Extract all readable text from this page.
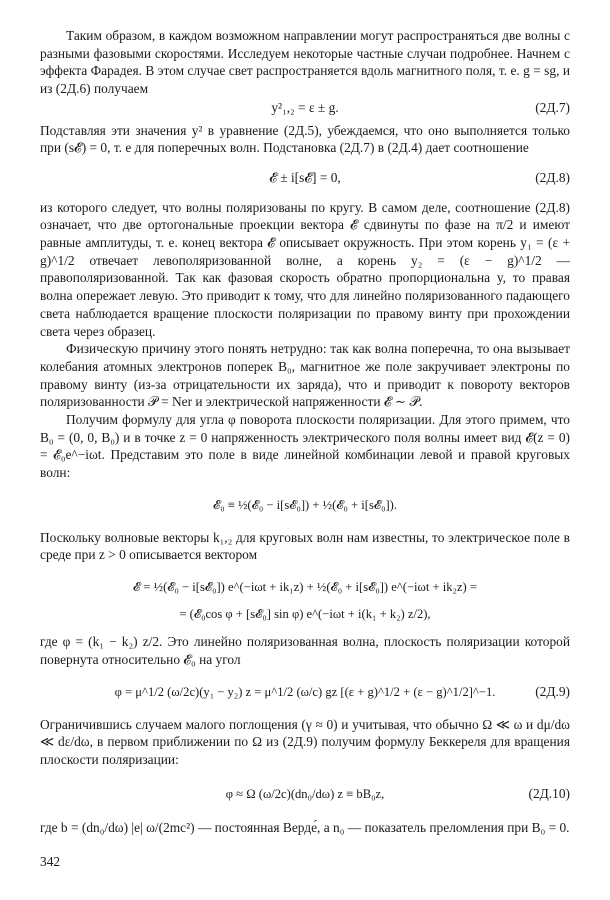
Таким образом, в каждом возможном направлении могут распространяться две волны с разными фазовыми скоростями. Исследуем некоторые частные случаи подробнее. Начнем с эффекта Фарадея. В этом случае свет распространяется вдоль магнитного поля, т. е. g = sg, и из (2Д.6) получаем

y²₁,₂ = ε ± g.	(2Д.7)

Подставляя эти значения y² в уравнение (2Д.5), убеждаемся, что оно выполняется только при (s𝓔) = 0, т. е для поперечных волн. Подстановка (2Д.7) в (2Д.4) дает соотношение

𝓔 ± i[s𝓔] = 0,	(2Д.8)

из которого следует, что волны поляризованы по кругу. В самом деле, соотношение (2Д.8) означает, что две ортогональные проекции вектора 𝓔 сдвинуты по фазе на π/2 и имеют равные амплитуды, т. е. конец вектора 𝓔 описывает окружность. При этом корень y₁ = (ε + g)^1/2 отвечает левополяризованной волне, а корень y₂ = (ε − g)^1/2 — правополяризованной. Так как фазовая скорость обратно пропорциональна y, то правая волна опережает левую. Это приводит к тому, что для линейно поляризованного падающего света наблюдается вращение плоскости поляризации по правому винту при прохождении света через образец.

Физическую причину этого понять нетрудно: так как волна поперечна, то она вызывает колебания атомных электронов поперек B₀, магнитное же поле закручивает электроны по правому винту (из-за отрицательности их заряда), что и приводит к повороту векторов поляризованности 𝒫 = Ner и электрической напряженности 𝓔 ∼ 𝒫.

Получим формулу для угла φ поворота плоскости поляризации. Для этого примем, что B₀ = (0, 0, B₀) и в точке z = 0 напряженность электрического поля волны имеет вид 𝓔(z = 0) = 𝓔₀e^−iωt. Представим это поле в виде линейной комбинации левой и правой круговых волн:

𝓔₀ ≡ ½(𝓔₀ − i[s𝓔₀]) + ½(𝓔₀ + i[s𝓔₀]).

Поскольку волновые векторы k₁,₂ для круговых волн нам известны, то электрическое поле в среде при z > 0 описывается вектором

𝓔 = ½(𝓔₀ − i[s𝓔₀]) e^(−iωt + ik₁z) + ½(𝓔₀ + i[s𝓔₀]) e^(−iωt + ik₂z) =
= (𝓔₀cos φ + [s𝓔₀] sin φ) e^(−iωt + i(k₁ + k₂) z/2),

где φ = (k₁ − k₂) z/2. Это линейно поляризованная волна, плоскость поляризации которой повернута относительно 𝓔₀ на угол

φ = μ^1/2 (ω/2c)(y₁ − y₂) z = μ^1/2 (ω/c) gz [(ε + g)^1/2 + (ε − g)^1/2]^−1.	(2Д.9)

Ограничившись случаем малого поглощения (γ ≈ 0) и учитывая, что обычно Ω ≪ ω и dμ/dω ≪ dε/dω, в первом приближении по Ω из (2Д.9) получим формулу Беккереля для вращения плоскости поляризации:

φ ≈ Ω (ω/2c)(dn₀/dω) z ≡ bB₀z,	(2Д.10)

где b = (dn₀/dω) |e| ω/(2mc²) — постоянная Верде́, а n₀ — показатель преломления при B₀ = 0.

342
